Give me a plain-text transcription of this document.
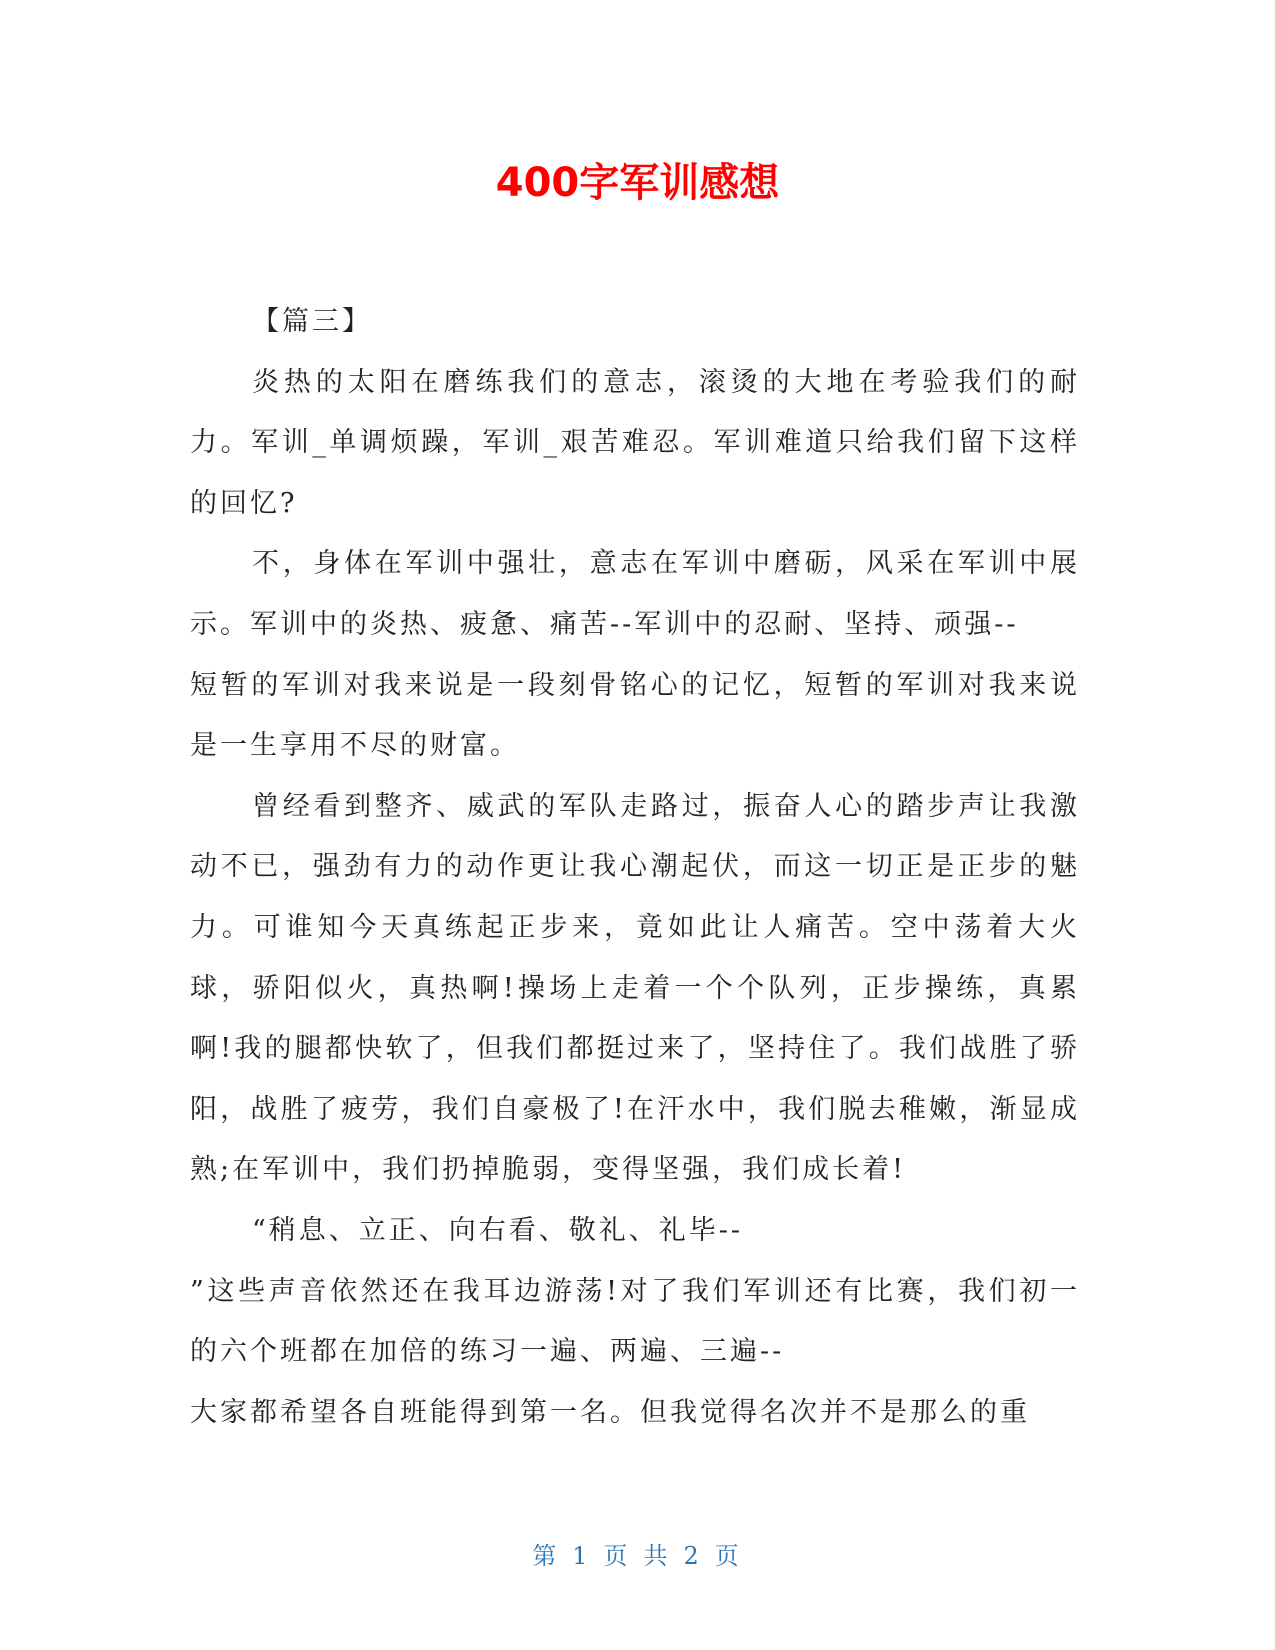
400字军训感想

【篇三】

炎热的太阳在磨练我们的意志，滚烫的大地在考验我们的耐力。军训_单调烦躁，军训_艰苦难忍。军训难道只给我们留下这样的回忆?

不，身体在军训中强壮，意志在军训中磨砺，风采在军训中展示。军训中的炎热、疲惫、痛苦--军训中的忍耐、坚持、顽强--

短暂的军训对我来说是一段刻骨铭心的记忆，短暂的军训对我来说是一生享用不尽的财富。

曾经看到整齐、威武的军队走路过，振奋人心的踏步声让我激动不已，强劲有力的动作更让我心潮起伏，而这一切正是正步的魅力。可谁知今天真练起正步来，竟如此让人痛苦。空中荡着大火球，骄阳似火，真热啊!操场上走着一个个队列，正步操练，真累啊!我的腿都快软了，但我们都挺过来了，坚持住了。我们战胜了骄阳，战胜了疲劳，我们自豪极了!在汗水中，我们脱去稚嫩，渐显成熟;在军训中，我们扔掉脆弱，变得坚强，我们成长着!

“稍息、立正、向右看、敬礼、礼毕--

”这些声音依然还在我耳边游荡!对了我们军训还有比赛，我们初一的六个班都在加倍的练习一遍、两遍、三遍--

大家都希望各自班能得到第一名。但我觉得名次并不是那么的重

第 1 页 共 2 页
